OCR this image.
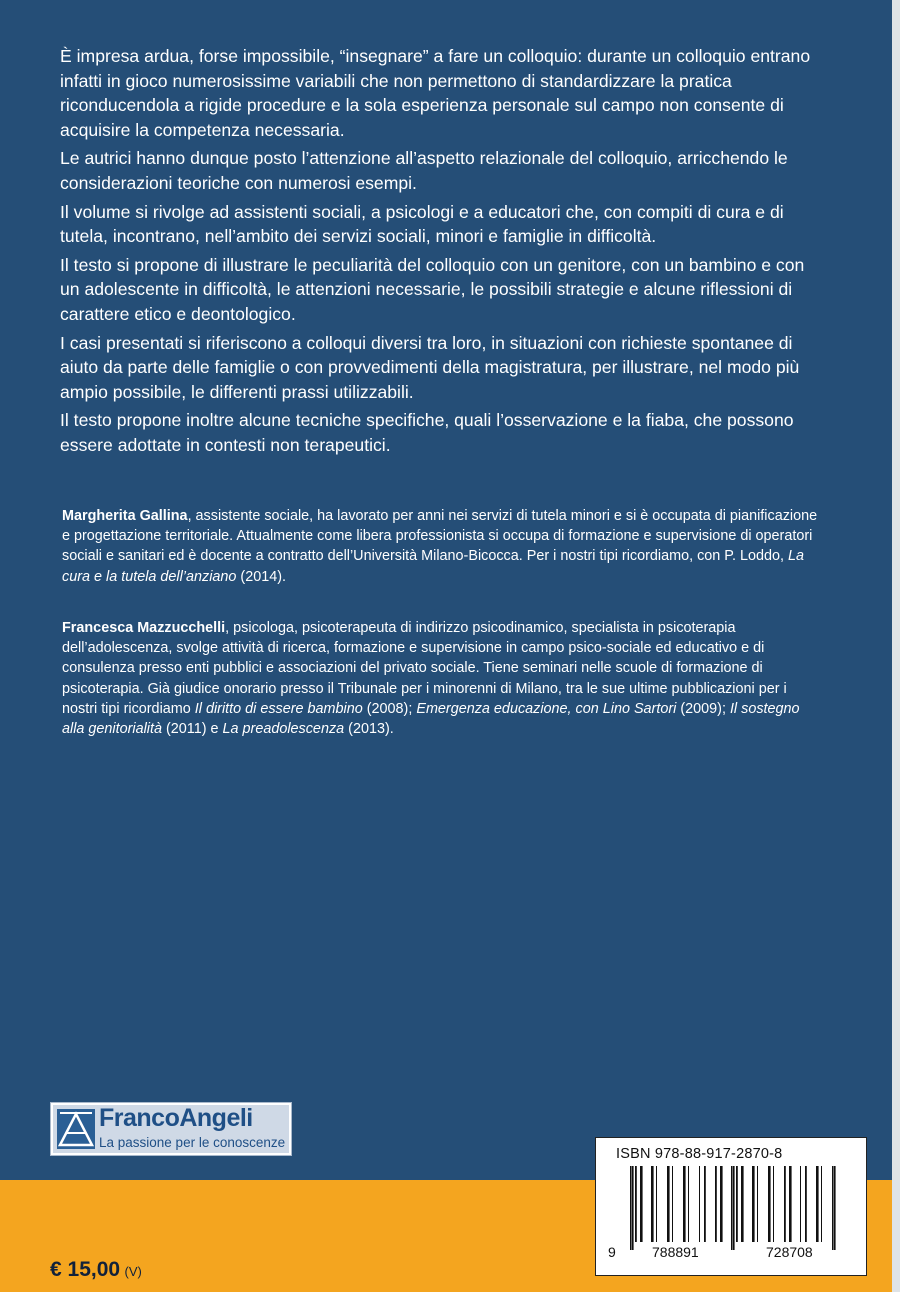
È impresa ardua, forse impossibile, “insegnare” a fare un colloquio: durante un colloquio entrano infatti in gioco numerosissime variabili che non permettono di standardizzare la pratica riconducendola a rigide procedure e la sola esperienza personale sul campo non consente di acquisire la competenza necessaria.

Le autrici hanno dunque posto l’attenzione all’aspetto relazionale del colloquio, arricchendo le considerazioni teoriche con numerosi esempi.

Il volume si rivolge ad assistenti sociali, a psicologi e a educatori che, con compiti di cura e di tutela, incontrano, nell’ambito dei servizi sociali, minori e famiglie in difficoltà.

Il testo si propone di illustrare le peculiarità del colloquio con un genitore, con un bambino e con un adolescente in difficoltà, le attenzioni necessarie, le possibili strategie e alcune riflessioni di carattere etico e deontologico.

I casi presentati si riferiscono a colloqui diversi tra loro, in situazioni con richieste spontanee di aiuto da parte delle famiglie o con provvedimenti della magistratura, per illustrare, nel modo più ampio possibile, le differenti prassi utilizzabili.

Il testo propone inoltre alcune tecniche specifiche, quali l’osservazione e la fiaba, che possono essere adottate in contesti non terapeutici.

Margherita Gallina, assistente sociale, ha lavorato per anni nei servizi di tutela minori e si è occupata di pianificazione e progettazione territoriale. Attualmente come libera professionista si occupa di formazione e supervisione di operatori sociali e sanitari ed è docente a contratto dell’Università Milano-Bicocca. Per i nostri tipi ricordiamo, con P. Loddo, La cura e la tutela dell’anziano (2014).

Francesca Mazzucchelli, psicologa, psicoterapeuta di indirizzo psicodinamico, specialista in psicoterapia dell’adolescenza, svolge attività di ricerca, formazione e supervisione in campo psico-sociale ed educativo e di consulenza presso enti pubblici e associazioni del privato sociale. Tiene seminari nelle scuole di formazione di psicoterapia. Già giudice onorario presso il Tribunale per i minorenni di Milano, tra le sue ultime pubblicazioni per i nostri tipi ricordiamo Il diritto di essere bambino (2008); Emergenza educazione, con Lino Sartori (2009); Il sostegno alla genitorialità (2011) e La preadolescenza (2013).

FrancoAngeli
La passione per le conoscenze
€ 15,00 (V)
ISBN 978-88-917-2870-8
9	788891	728708
